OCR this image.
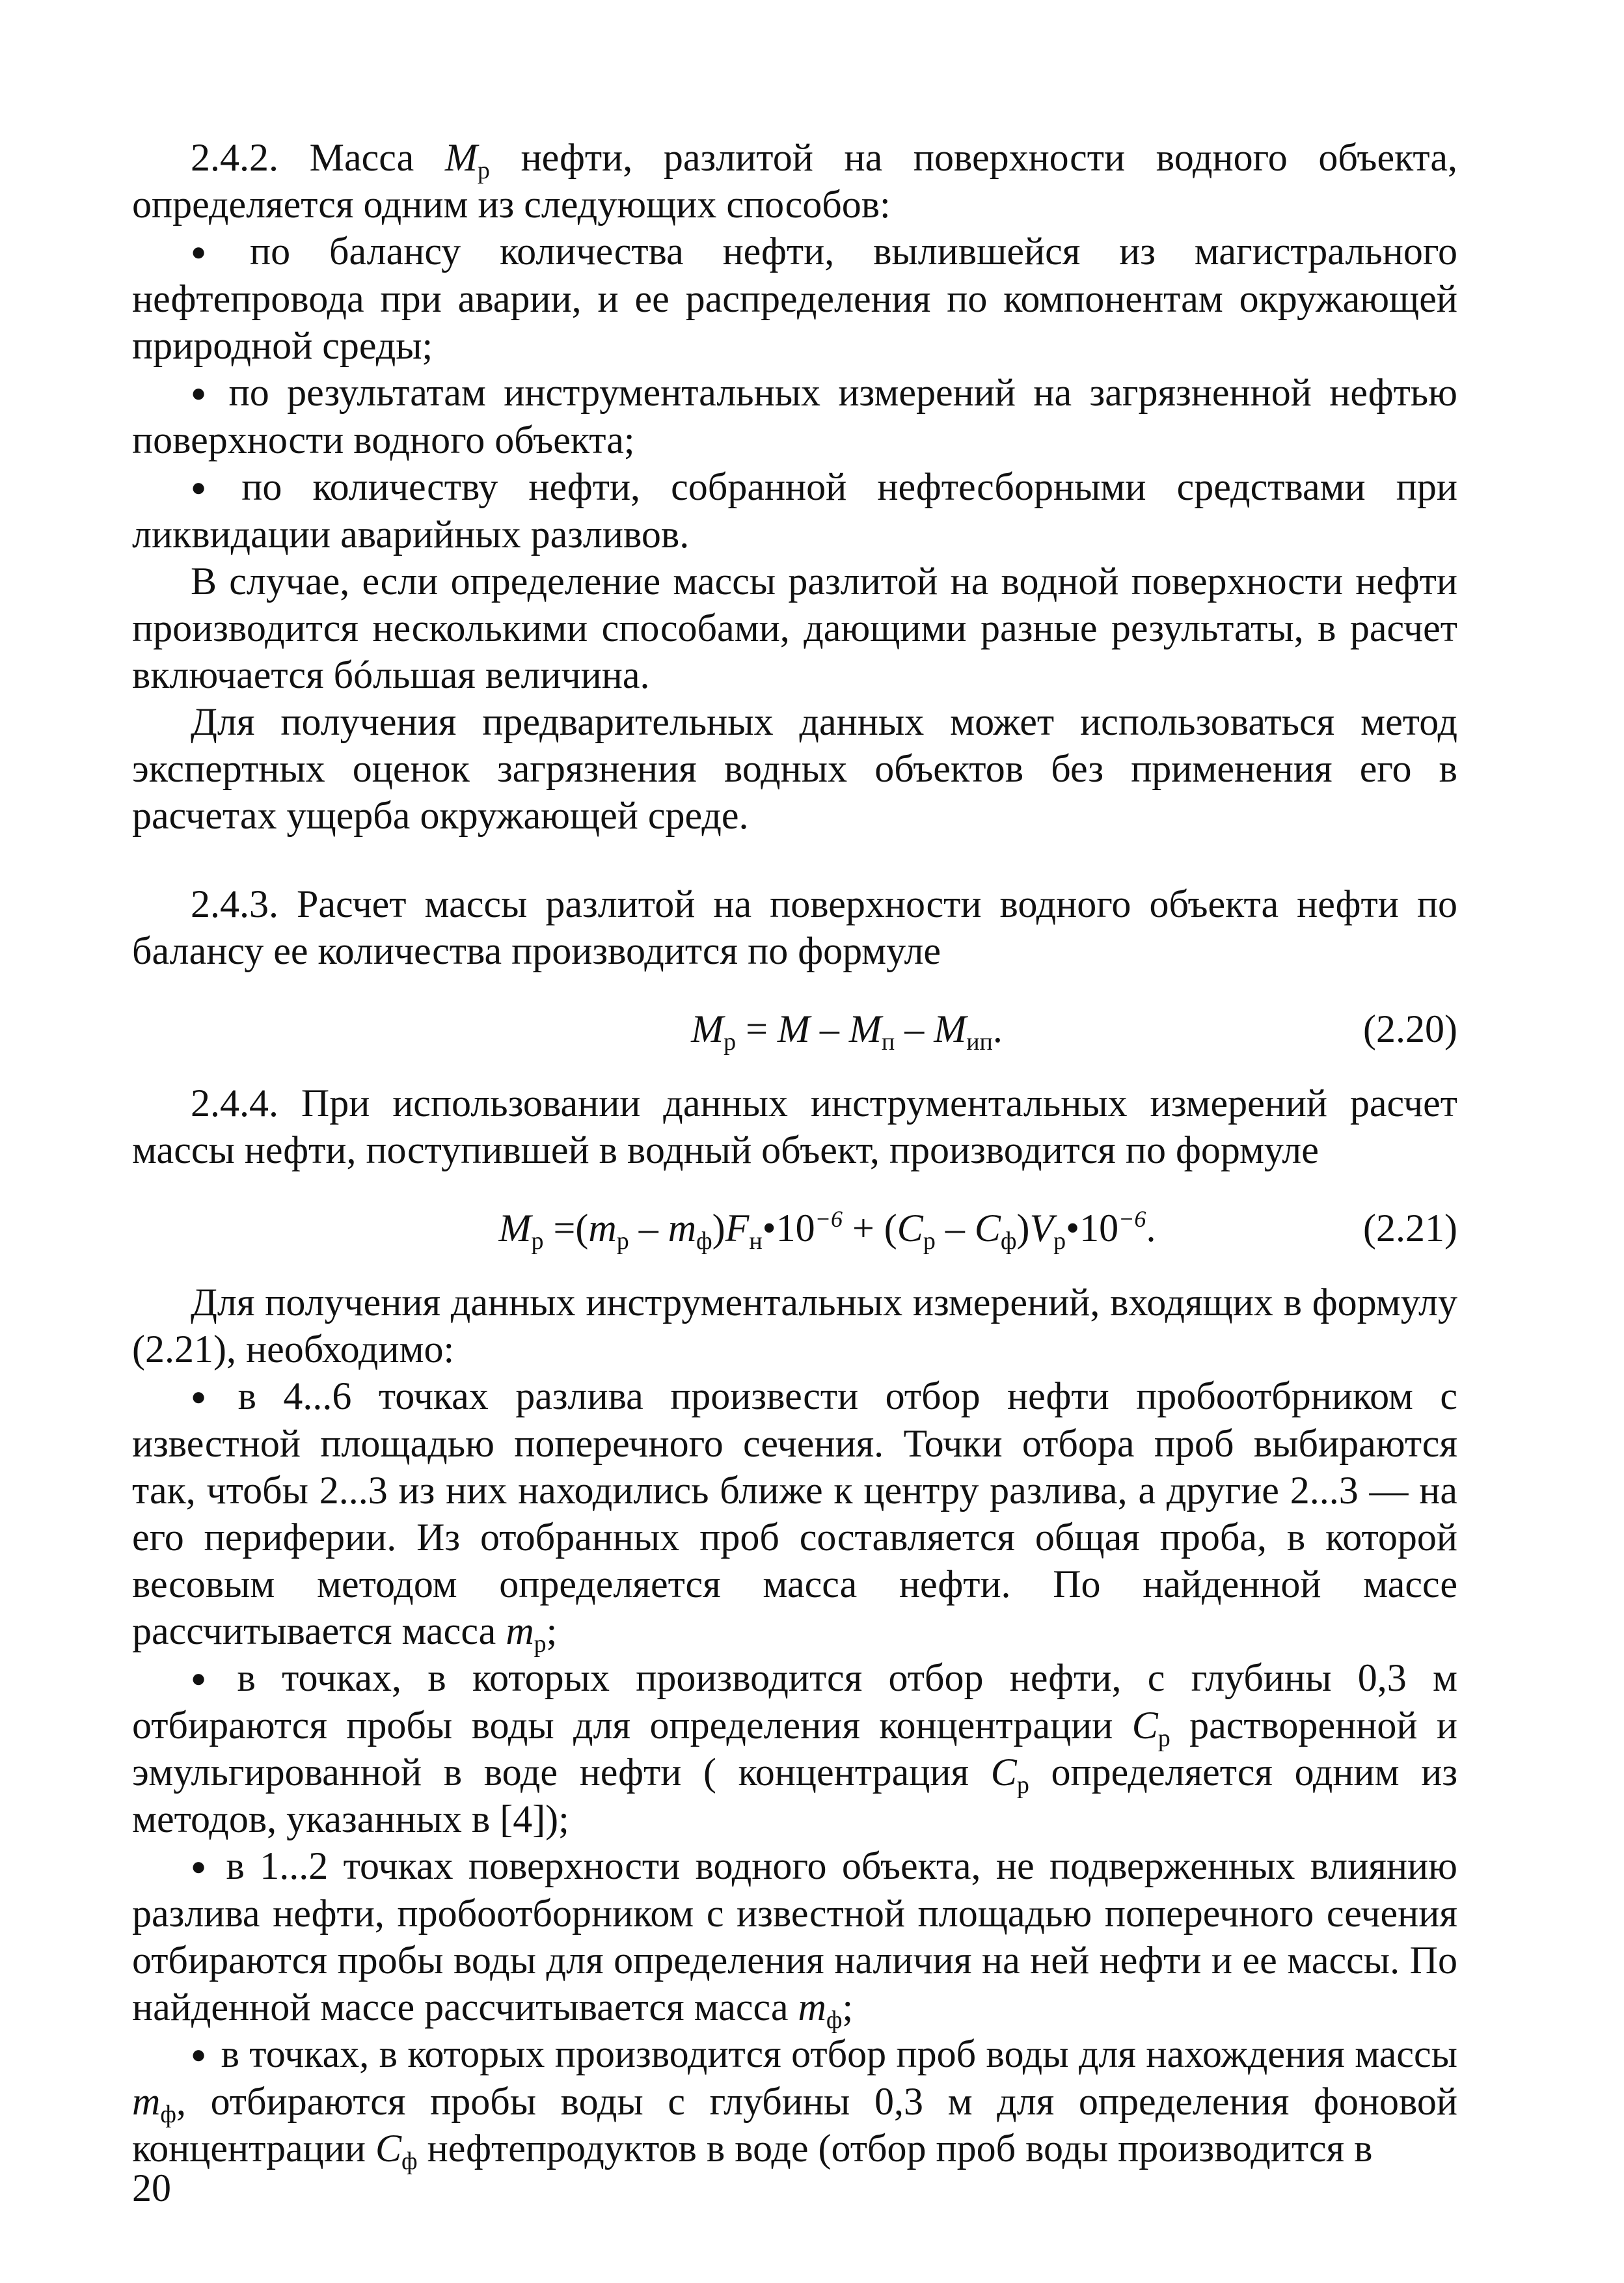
2.4.2. Масса $M_р$ нефти, разлитой на поверхности водного объекта, определяется одним из следующих способов:

● по балансу количества нефти, вылившейся из магистрального нефтепровода при аварии, и ее распределения по компонентам окружающей природной среды;

● по результатам инструментальных измерений на загрязненной нефтью поверхности водного объекта;

● по количеству нефти, собранной нефтесборными средствами при ликвидации аварийных разливов.

В случае, если определение массы разлитой на водной поверхности нефти производится несколькими способами, дающими разные результаты, в расчет включается бóльшая величина.

Для получения предварительных данных может использоваться метод экспертных оценок загрязнения водных объектов без применения его в расчетах ущерба окружающей среде.

2.4.3. Расчет массы разлитой на поверхности водного объекта нефти по балансу ее количества производится по формуле

$M_р = M - M_п - M_{ип}$.	(2.20)

2.4.4. При использовании данных инструментальных измерений расчет массы нефти, поступившей в водный объект, производится по формуле

$M_р =(m_р$ – $m_ф)F_н•10^{-6} + (C_р$ – $C_ф)V_р•10^{-6}$.	(2.21)

Для получения данных инструментальных измерений, входящих в формулу (2.21), необходимо:

● в 4...6 точках разлива произвести отбор нефти пробоотбрником с известной площадью поперечного сечения. Точки отбора проб выбираются так, чтобы 2...3 из них находились ближе к центру разлива, а другие 2...3 — на его периферии. Из отобранных проб составляется общая проба, в которой весовым методом определяется масса нефти. По найденной массе рассчитывается масса $m_р$;

● в точках, в которых производится отбор нефти, с глубины 0,3 м отбираются пробы воды для определения концентрации $C_р$ растворенной и эмульгированной в воде нефти ( концентрация $C_р$ определяется одним из методов, указанных в [4]);

● в 1...2 точках поверхности водного объекта, не подверженных влиянию разлива нефти, пробоотборником с известной площадью поперечного сечения отбираются пробы воды для определения наличия на ней нефти и ее массы. По найденной массе рассчитывается масса $m_ф$;

● в точках, в которых производится отбор проб воды для нахождения массы $m_ф$, отбираются пробы воды с глубины 0,3 м для определения фоновой концентрации $C_ф$ нефтепродуктов в воде (отбор проб воды производится в

20
